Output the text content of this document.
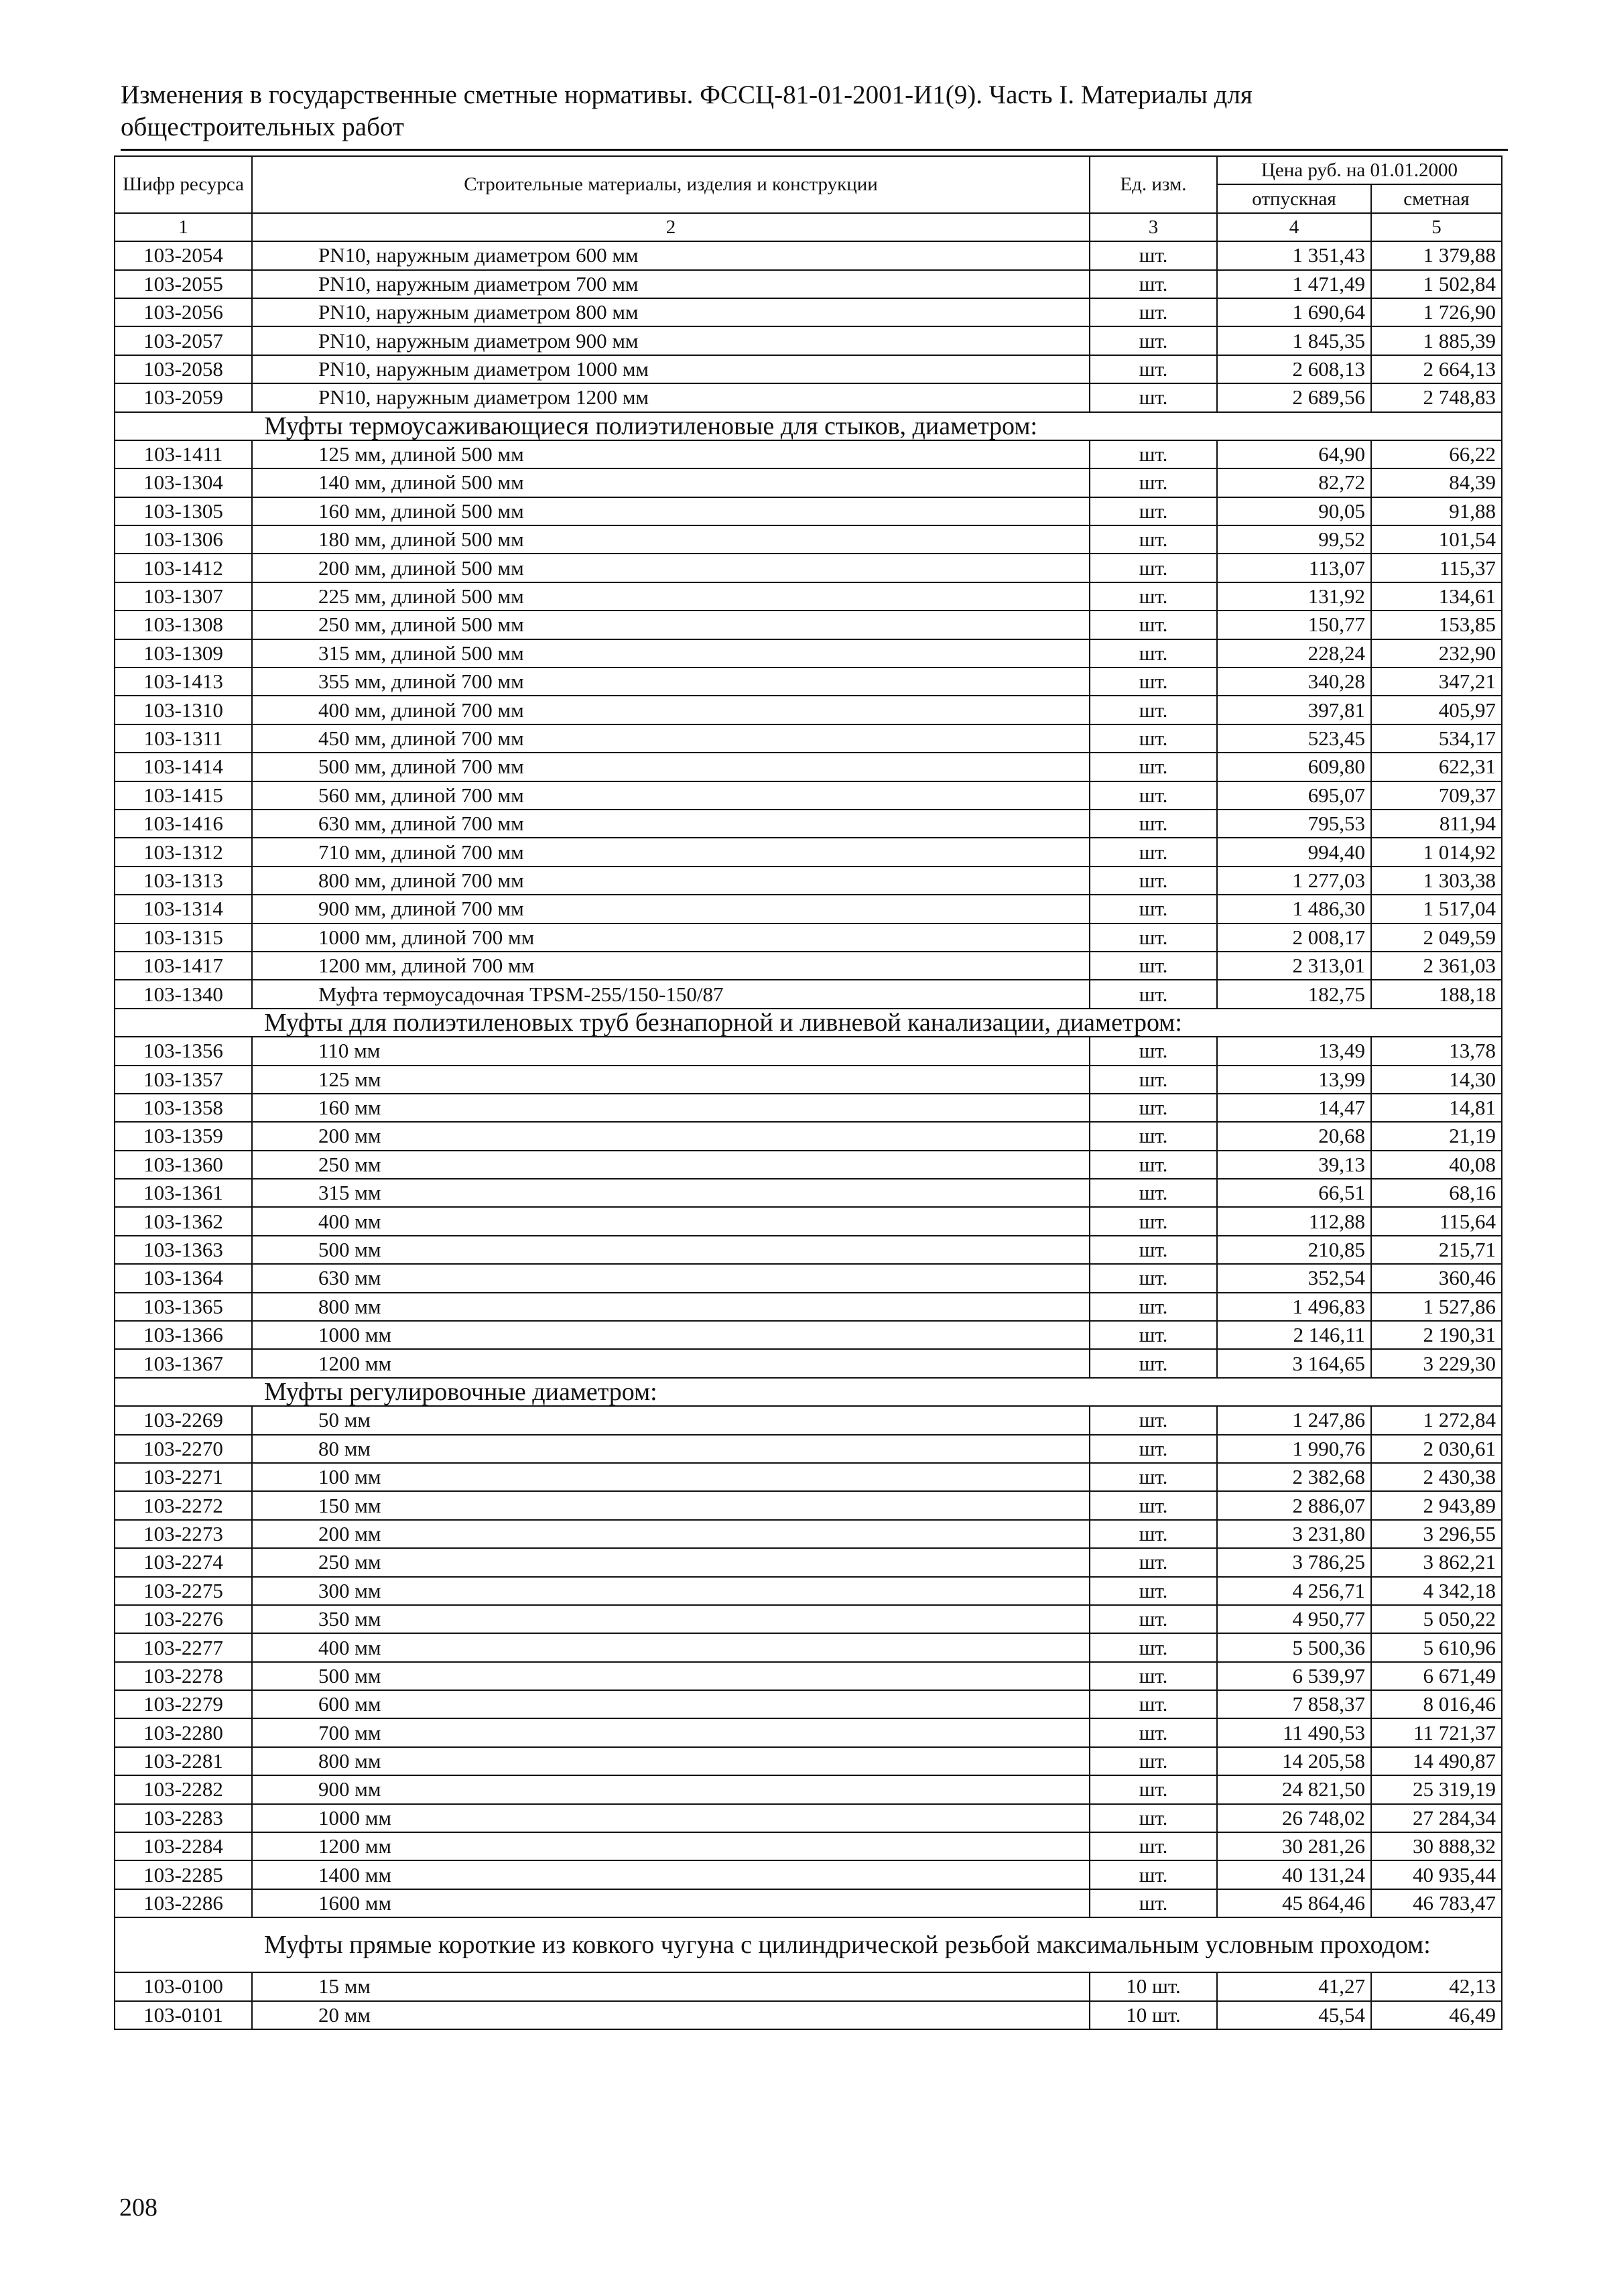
Изменения в государственные сметные нормативы. ФССЦ-81-01-2001-И1(9). Часть I. Материалы для
общестроительных работ
Шифр ресурса	Строительные материалы, изделия и конструкции	Ед. изм.	Цена руб. на 01.01.2000	
			отпускная	сметная
1	2	3	4	5
103-2054	PN10, наружным диаметром 600 мм	шт.	1 351,43	1 379,88
103-2055	PN10, наружным диаметром 700 мм	шт.	1 471,49	1 502,84
103-2056	PN10, наружным диаметром 800 мм	шт.	1 690,64	1 726,90
103-2057	PN10, наружным диаметром 900 мм	шт.	1 845,35	1 885,39
103-2058	PN10, наружным диаметром 1000 мм	шт.	2 608,13	2 664,13
103-2059	PN10, наружным диаметром 1200 мм	шт.	2 689,56	2 748,83
Муфты термоусаживающиеся полиэтиленовые для стыков, диаметром:				
103-1411	125 мм, длиной 500 мм	шт.	64,90	66,22
103-1304	140 мм, длиной 500 мм	шт.	82,72	84,39
103-1305	160 мм, длиной 500 мм	шт.	90,05	91,88
103-1306	180 мм, длиной 500 мм	шт.	99,52	101,54
103-1412	200 мм, длиной 500 мм	шт.	113,07	115,37
103-1307	225 мм, длиной 500 мм	шт.	131,92	134,61
103-1308	250 мм, длиной 500 мм	шт.	150,77	153,85
103-1309	315 мм, длиной 500 мм	шт.	228,24	232,90
103-1413	355 мм, длиной 700 мм	шт.	340,28	347,21
103-1310	400 мм, длиной 700 мм	шт.	397,81	405,97
103-1311	450 мм, длиной 700 мм	шт.	523,45	534,17
103-1414	500 мм, длиной 700 мм	шт.	609,80	622,31
103-1415	560 мм, длиной 700 мм	шт.	695,07	709,37
103-1416	630 мм, длиной 700 мм	шт.	795,53	811,94
103-1312	710 мм, длиной 700 мм	шт.	994,40	1 014,92
103-1313	800 мм, длиной 700 мм	шт.	1 277,03	1 303,38
103-1314	900 мм, длиной 700 мм	шт.	1 486,30	1 517,04
103-1315	1000 мм, длиной 700 мм	шт.	2 008,17	2 049,59
103-1417	1200 мм, длиной 700 мм	шт.	2 313,01	2 361,03
103-1340	Муфта термоусадочная TPSM-255/150-150/87	шт.	182,75	188,18
Муфты для полиэтиленовых труб безнапорной и ливневой канализации, диаметром:				
103-1356	110 мм	шт.	13,49	13,78
103-1357	125 мм	шт.	13,99	14,30
103-1358	160 мм	шт.	14,47	14,81
103-1359	200 мм	шт.	20,68	21,19
103-1360	250 мм	шт.	39,13	40,08
103-1361	315 мм	шт.	66,51	68,16
103-1362	400 мм	шт.	112,88	115,64
103-1363	500 мм	шт.	210,85	215,71
103-1364	630 мм	шт.	352,54	360,46
103-1365	800 мм	шт.	1 496,83	1 527,86
103-1366	1000 мм	шт.	2 146,11	2 190,31
103-1367	1200 мм	шт.	3 164,65	3 229,30
Муфты регулировочные диаметром:				
103-2269	50 мм	шт.	1 247,86	1 272,84
103-2270	80 мм	шт.	1 990,76	2 030,61
103-2271	100 мм	шт.	2 382,68	2 430,38
103-2272	150 мм	шт.	2 886,07	2 943,89
103-2273	200 мм	шт.	3 231,80	3 296,55
103-2274	250 мм	шт.	3 786,25	3 862,21
103-2275	300 мм	шт.	4 256,71	4 342,18
103-2276	350 мм	шт.	4 950,77	5 050,22
103-2277	400 мм	шт.	5 500,36	5 610,96
103-2278	500 мм	шт.	6 539,97	6 671,49
103-2279	600 мм	шт.	7 858,37	8 016,46
103-2280	700 мм	шт.	11 490,53	11 721,37
103-2281	800 мм	шт.	14 205,58	14 490,87
103-2282	900 мм	шт.	24 821,50	25 319,19
103-2283	1000 мм	шт.	26 748,02	27 284,34
103-2284	1200 мм	шт.	30 281,26	30 888,32
103-2285	1400 мм	шт.	40 131,24	40 935,44
103-2286	1600 мм	шт.	45 864,46	46 783,47
Муфты прямые короткие из ковкого чугуна с цилиндрической резьбой максимальным условным проходом:				
103-0100	15 мм	10 шт.	41,27	42,13
103-0101	20 мм	10 шт.	45,54	46,49
208
